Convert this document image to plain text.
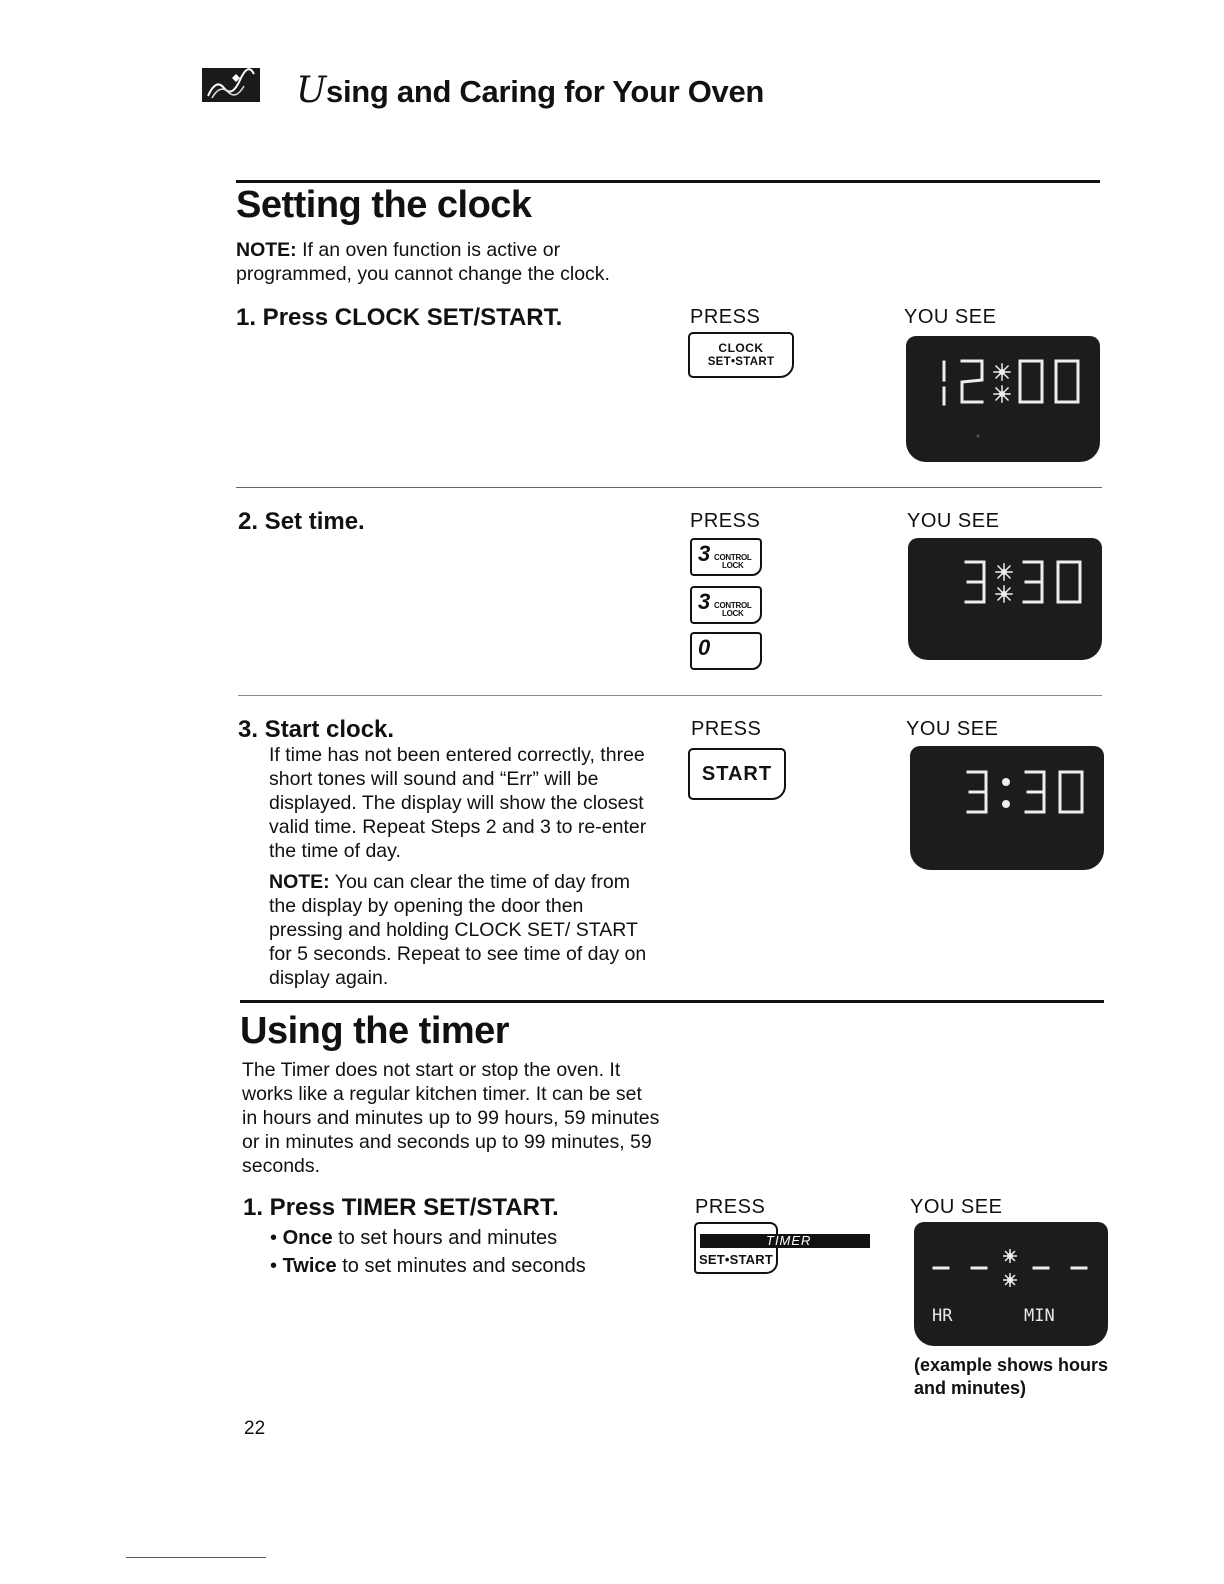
Using and Caring for Your Oven
Setting the clock
NOTE: If an oven function is active or programmed, you cannot change the clock.
1. Press CLOCK SET/START.	PRESS	YOU SEE
CLOCK
SET•START
2. Set time.	PRESS	YOU SEE
3 CONTROL
LOCK
3 CONTROL
LOCK
0
3. Start clock.	PRESS	YOU SEE
If time has not been entered correctly, three short tones will sound and “Err” will be displayed. The display will show the closest valid time. Repeat Steps 2 and 3 to re-enter the time of day.
NOTE: You can clear the time of day from the display by opening the door then pressing and holding CLOCK SET/ START for 5 seconds. Repeat to see time of day on display again.
START
Using the timer
The Timer does not start or stop the oven. It works like a regular kitchen timer. It can be set in hours and minutes up to 99 hours, 59 minutes or in minutes and seconds up to 99 minutes, 59 seconds.
1. Press TIMER SET/START.	PRESS	YOU SEE
• Once to set hours and minutes
• Twice to set minutes and seconds
TIMER
SET•START
HR	MIN
(example shows hours and minutes)
22
